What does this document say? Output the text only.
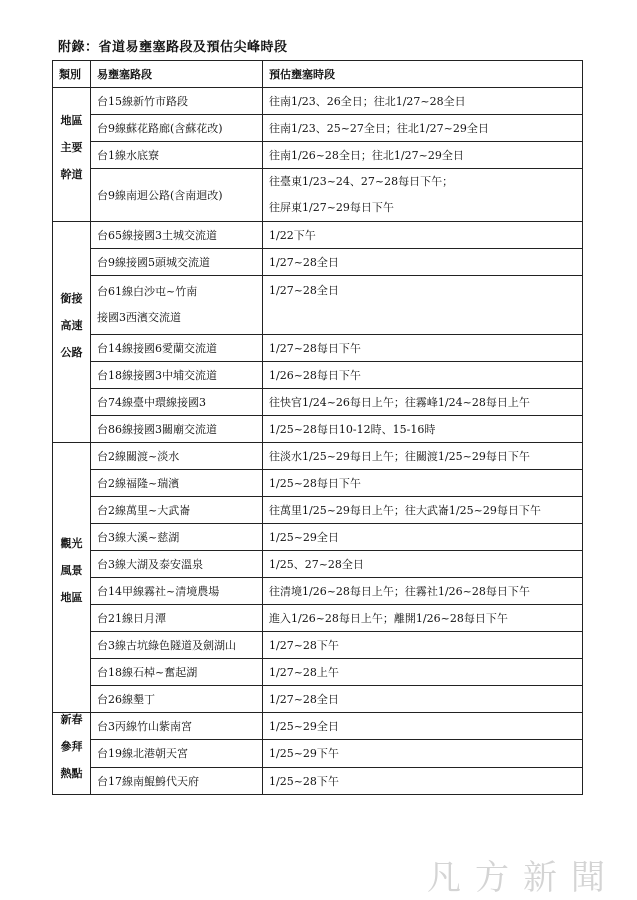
附錄：省道易壅塞路段及預估尖峰時段
類別	易壅塞路段	預估壅塞時段

地區
主要
幹道	台15線新竹市路段	往南1/23、26全日；往北1/27~28全日
	台9線蘇花路廊(含蘇花改)	往南1/23、25~27全日；往北1/27~29全日
	台1線水底寮	往南1/26~28全日；往北1/27~29全日
	台9線南迴公路(含南迴改)	往臺東1/23~24、27~28每日下午；
往屏東1/27~29每日下午

銜接
高速
公路	台65線接國3土城交流道	1/22下午
	台9線接國5頭城交流道	1/27~28全日

	台61線白沙屯~竹南
接國3西濱交流道	1/27~28全日
	台14線接國6愛蘭交流道	1/27~28每日下午
	台18線接國3中埔交流道	1/26~28每日下午
	台74線臺中環線接國3	往快官1/24~26每日上午；往霧峰1/24~28每日上午
	台86線接國3關廟交流道	1/25~28每日10-12時、15-16時

觀光
風景
地區	台2線關渡~淡水	往淡水1/25~29每日上午；往關渡1/25~29每日下午
	台2線福隆~瑞濱	1/25~28每日下午
	台2線萬里~大武崙	往萬里1/25~29每日上午；往大武崙1/25~29每日下午
	台3線大溪~慈湖	1/25~29全日
	台3線大湖及泰安溫泉	1/25、27~28全日
	台14甲線霧社~清境農場	往清境1/26~28每日上午；往霧社1/26~28每日下午
	台21線日月潭	進入1/26~28每日上午；離開1/26~28每日下午
	台3線古坑綠色隧道及劍湖山	1/27~28下午
	台18線石棹~奮起湖	1/27~28上午
	台26線墾丁	1/27~28全日

新春
參拜
熱點	台3丙線竹山紫南宮	1/25~29全日
	台19線北港朝天宮	1/25~29下午
	台17線南鯤鯓代天府	1/25~28下午
凡方新聞
